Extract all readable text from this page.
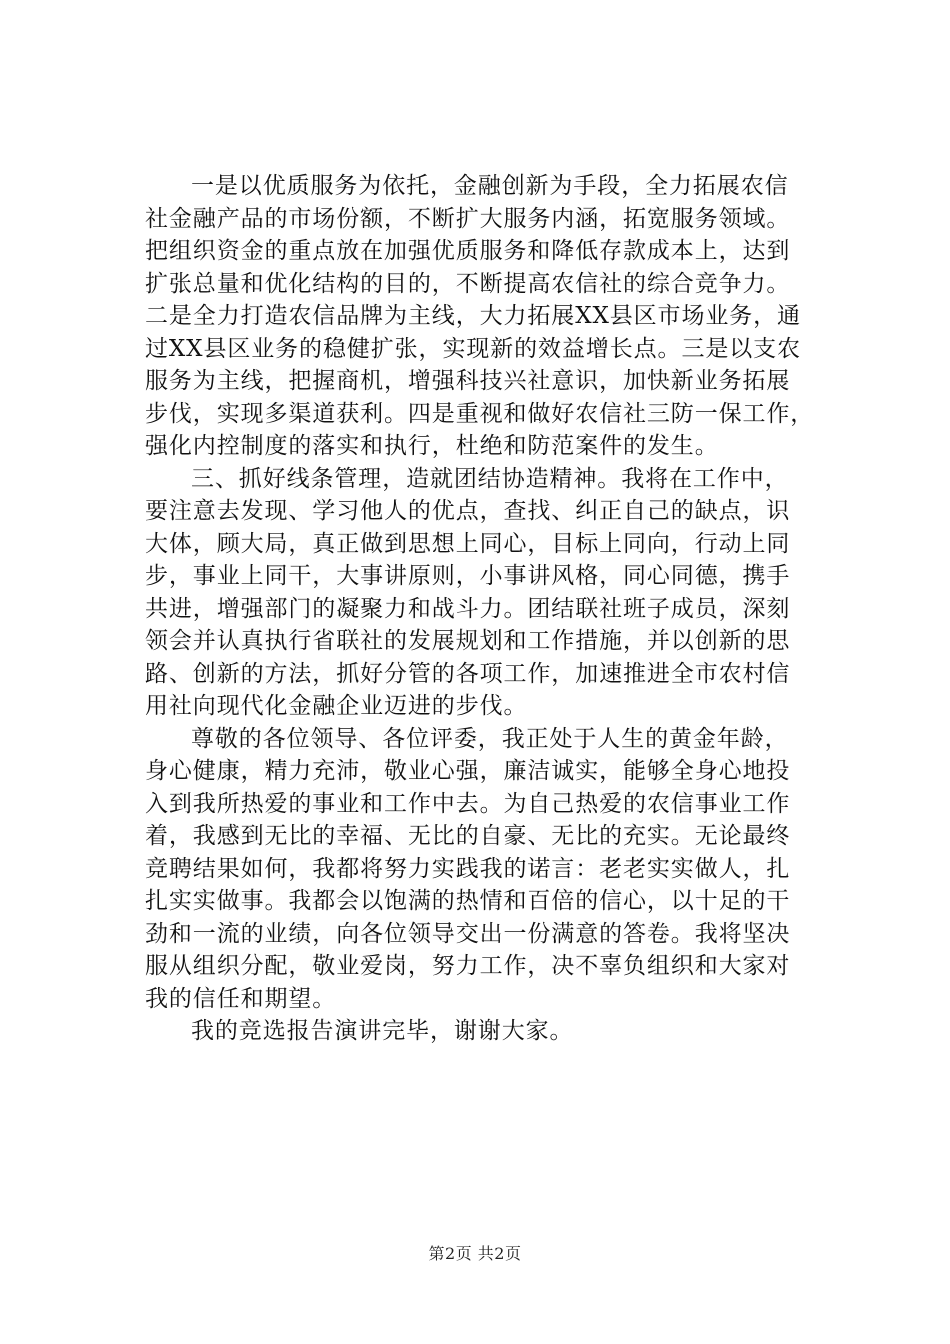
一是以优质服务为依托，金融创新为手段，全力拓展农信
社金融产品的市场份额，不断扩大服务内涵，拓宽服务领域。
把组织资金的重点放在加强优质服务和降低存款成本上，达到
扩张总量和优化结构的目的，不断提高农信社的综合竞争力。
二是全力打造农信品牌为主线，大力拓展XX县区市场业务，通
过XX县区业务的稳健扩张，实现新的效益增长点。三是以支农
服务为主线，把握商机，增强科技兴社意识，加快新业务拓展
步伐，实现多渠道获利。四是重视和做好农信社三防一保工作，
强化内控制度的落实和执行，杜绝和防范案件的发生。
三、抓好线条管理，造就团结协造精神。我将在工作中，
要注意去发现、学习他人的优点，查找、纠正自己的缺点，识
大体，顾大局，真正做到思想上同心，目标上同向，行动上同
步，事业上同干，大事讲原则，小事讲风格，同心同德，携手
共进，增强部门的凝聚力和战斗力。团结联社班子成员，深刻
领会并认真执行省联社的发展规划和工作措施，并以创新的思
路、创新的方法，抓好分管的各项工作，加速推进全市农村信
用社向现代化金融企业迈进的步伐。
尊敬的各位领导、各位评委，我正处于人生的黄金年龄，
身心健康，精力充沛，敬业心强，廉洁诚实，能够全身心地投
入到我所热爱的事业和工作中去。为自己热爱的农信事业工作
着，我感到无比的幸福、无比的自豪、无比的充实。无论最终
竞聘结果如何，我都将努力实践我的诺言：老老实实做人，扎
扎实实做事。我都会以饱满的热情和百倍的信心，以十足的干
劲和一流的业绩，向各位领导交出一份满意的答卷。我将坚决
服从组织分配，敬业爱岗，努力工作，决不辜负组织和大家对
我的信任和期望。
我的竞选报告演讲完毕，谢谢大家。
第2页 共2页
